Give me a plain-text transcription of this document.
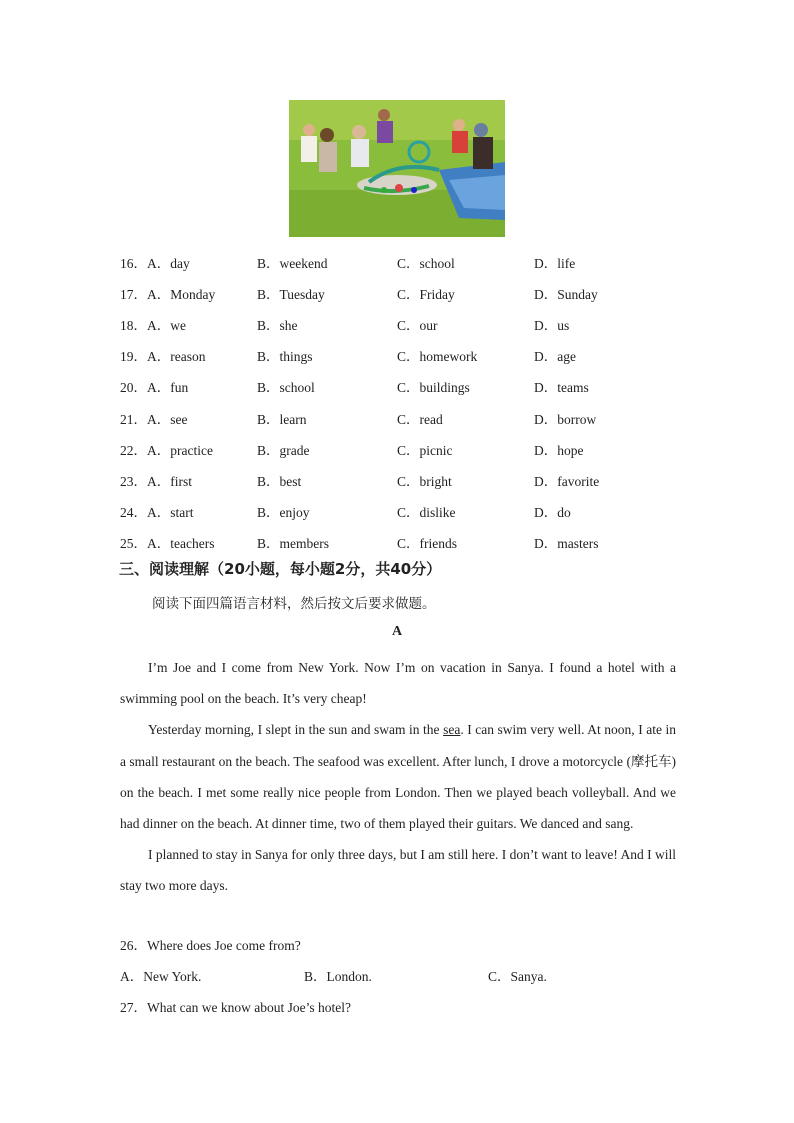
16．A．day	B．weekend	C．school	D．life
17．A．Monday	B．Tuesday	C．Friday	D．Sunday
18．A．we	B．she	C．our	D．us
19．A．reason	B．things	C．homework	D．age
20．A．fun	B．school	C．buildings	D．teams
21．A．see	B．learn	C．read	D．borrow
22．A．practice	B．grade	C．picnic	D．hope
23．A．first	B．best	C．bright	D．favorite
24．A．start	B．enjoy	C．dislike	D．do
25．A．teachers	B．members	C．friends	D．masters
三、阅读理解（20小题，每小题2分，共40分）
阅读下面四篇语言材料，然后按文后要求做题。
A

I’m Joe and I come from New York. Now I’m on vacation in Sanya. I found a hotel with a swimming pool on the beach. It’s very cheap!

Yesterday morning, I slept in the sun and swam in the sea. I can swim very well. At noon, I ate in a small restaurant on the beach. The seafood was excellent. After lunch, I drove a motorcycle (摩托车) on the beach. I met some really nice people from London. Then we played beach volleyball. And we had dinner on the beach. At dinner time, two of them played their guitars. We danced and sang.

I planned to stay in Sanya for only three days, but I am still here. I don’t want to leave! And I will stay two more days.

26．Where does Joe come from?
A．New York.	B．London.	C．Sanya.
27．What can we know about Joe’s hotel?
